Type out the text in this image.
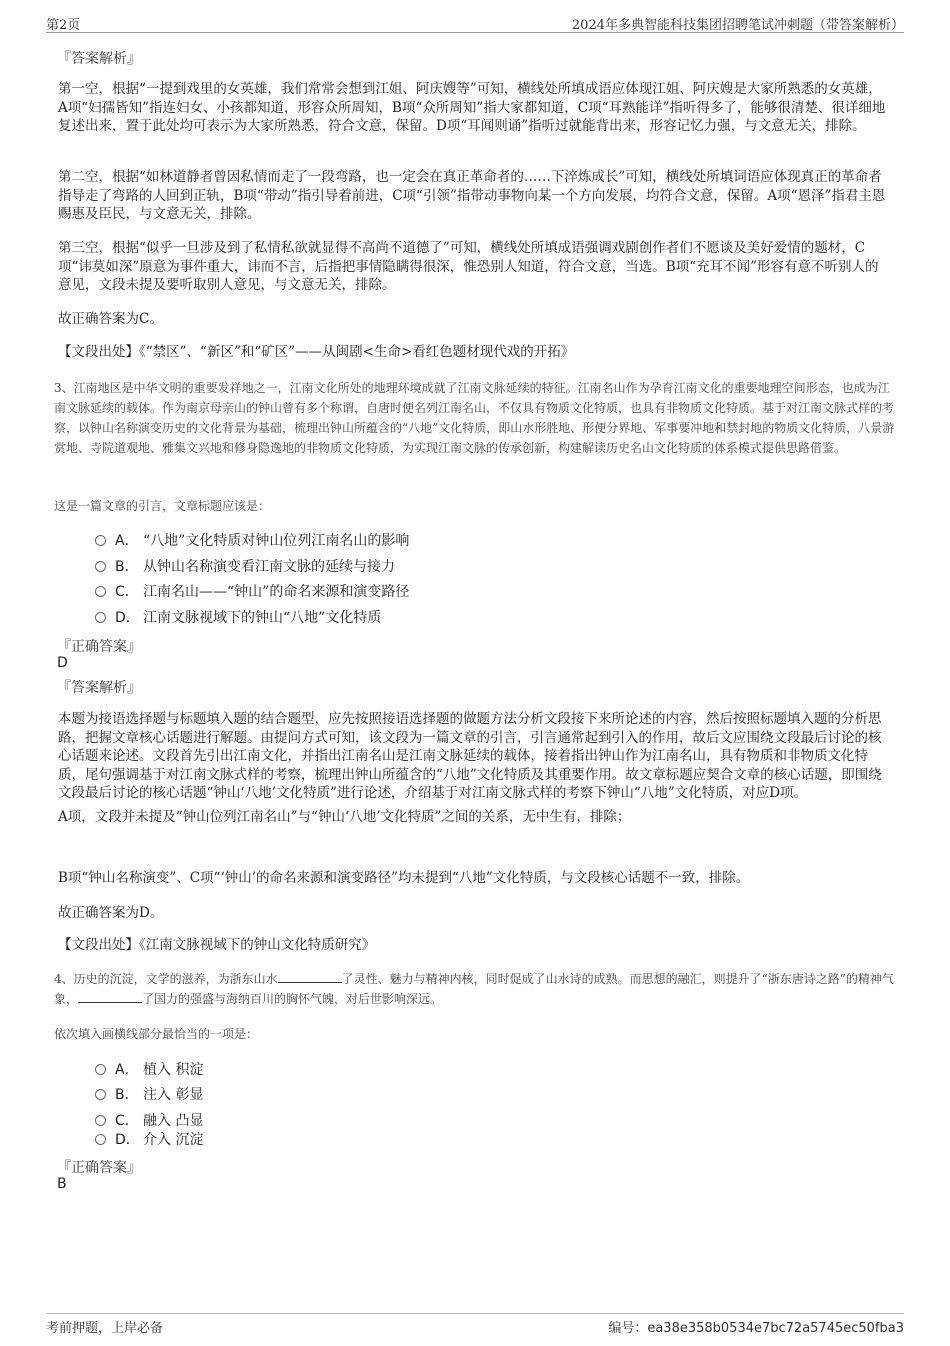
第2页	2024年多典智能科技集团招聘笔试冲刺题（带答案解析）
『答案解析』
第一空，根据“一提到戏里的女英雄，我们常常会想到江姐、阿庆嫂等”可知，横线处所填成语应体现江姐、阿庆嫂是大家所熟悉的女英雄，A项“妇孺皆知”指连妇女、小孩都知道，形容众所周知，B项“众所周知”指大家都知道，C项“耳熟能详”指听得多了，能够很清楚、很详细地复述出来，置于此处均可表示为大家所熟悉，符合文意，保留。D项“耳闻则诵”指听过就能背出来，形容记忆力强，与文意无关，排除。
第二空，根据“如林道静者曾因私情而走了一段弯路，也一定会在真正革命者的……下淬炼成长”可知，横线处所填词语应体现真正的革命者指导走了弯路的人回到正轨，B项“带动”指引导着前进，C项“引领”指带动事物向某一个方向发展，均符合文意，保留。A项“恩泽”指君主恩赐惠及臣民，与文意无关，排除。
第三空，根据“似乎一旦涉及到了私情私欲就显得不高尚不道德了”可知，横线处所填成语强调戏剧创作者们不愿谈及美好爱情的题材，C项“讳莫如深”原意为事件重大，讳而不言，后指把事情隐瞒得很深，惟恐别人知道，符合文意，当选。B项“充耳不闻”形容有意不听别人的意见，文段未提及要听取别人意见，与文意无关，排除。
故正确答案为C。
【文段出处】《“禁区”、“新区”和“矿区”——从闽剧<生命>看红色题材现代戏的开拓》
3、江南地区是中华文明的重要发祥地之一，江南文化所处的地理环境成就了江南文脉延续的特征。江南名山作为孕育江南文化的重要地理空间形态，也成为江南文脉延续的载体。作为南京母亲山的钟山曾有多个称谓，自唐时便名列江南名山，不仅具有物质文化特质，也具有非物质文化特质。基于对江南文脉式样的考察，以钟山名称演变历史的文化背景为基础，梳理出钟山所蕴含的“八地”文化特质，即山水形胜地、形便分界地、军事要冲地和禁封地的物质文化特质，八景游赏地、寺院道观地、雅集文兴地和修身隐逸地的非物质文化特质，为实现江南文脉的传承创新，构建解读历史名山文化特质的体系模式提供思路借鉴。
这是一篇文章的引言，文章标题应该是：
A． “八地”文化特质对钟山位列江南名山的影响
B． 从钟山名称演变看江南文脉的延续与接力
C． 江南名山——“钟山”的命名来源和演变路径
D． 江南文脉视域下的钟山“八地”文化特质
『正确答案』
D
『答案解析』
本题为接语选择题与标题填入题的结合题型，应先按照接语选择题的做题方法分析文段接下来所论述的内容，然后按照标题填入题的分析思路，把握文章核心话题进行解题。由提问方式可知，该文段为一篇文章的引言，引言通常起到引入的作用，故后文应围绕文段最后讨论的核心话题来论述。文段首先引出江南文化，并指出江南名山是江南文脉延续的载体，接着指出钟山作为江南名山，具有物质和非物质文化特质，尾句强调基于对江南文脉式样的考察，梳理出钟山所蕴含的“八地”文化特质及其重要作用。故文章标题应契合文章的核心话题，即围绕文段最后讨论的核心话题“钟山‘八地’文化特质”进行论述，介绍基于对江南文脉式样的考察下钟山“八地”文化特质，对应D项。
A项，文段并未提及“钟山位列江南名山”与“钟山‘八地’文化特质”之间的关系，无中生有，排除；
B项“钟山名称演变”、C项“‘钟山’的命名来源和演变路径”均未提到“八地”文化特质，与文段核心话题不一致，排除。
故正确答案为D。
【文段出处】《江南文脉视域下的钟山文化特质研究》
4、历史的沉淀，文学的滋养，为浙东山水	了灵性、魅力与精神内核，同时促成了山水诗的成熟。而思想的融汇，则提升了“浙东唐诗之路”的精神气象，	了国力的强盛与海纳百川的胸怀气魄，对后世影响深远。
依次填入画横线部分最恰当的一项是：
A． 植入 积淀
B． 注入 彰显
C． 融入 凸显
D． 介入 沉淀
『正确答案』
B
考前押题，上岸必备	编号：ea38e358b0534e7bc72a5745ec50fba3
